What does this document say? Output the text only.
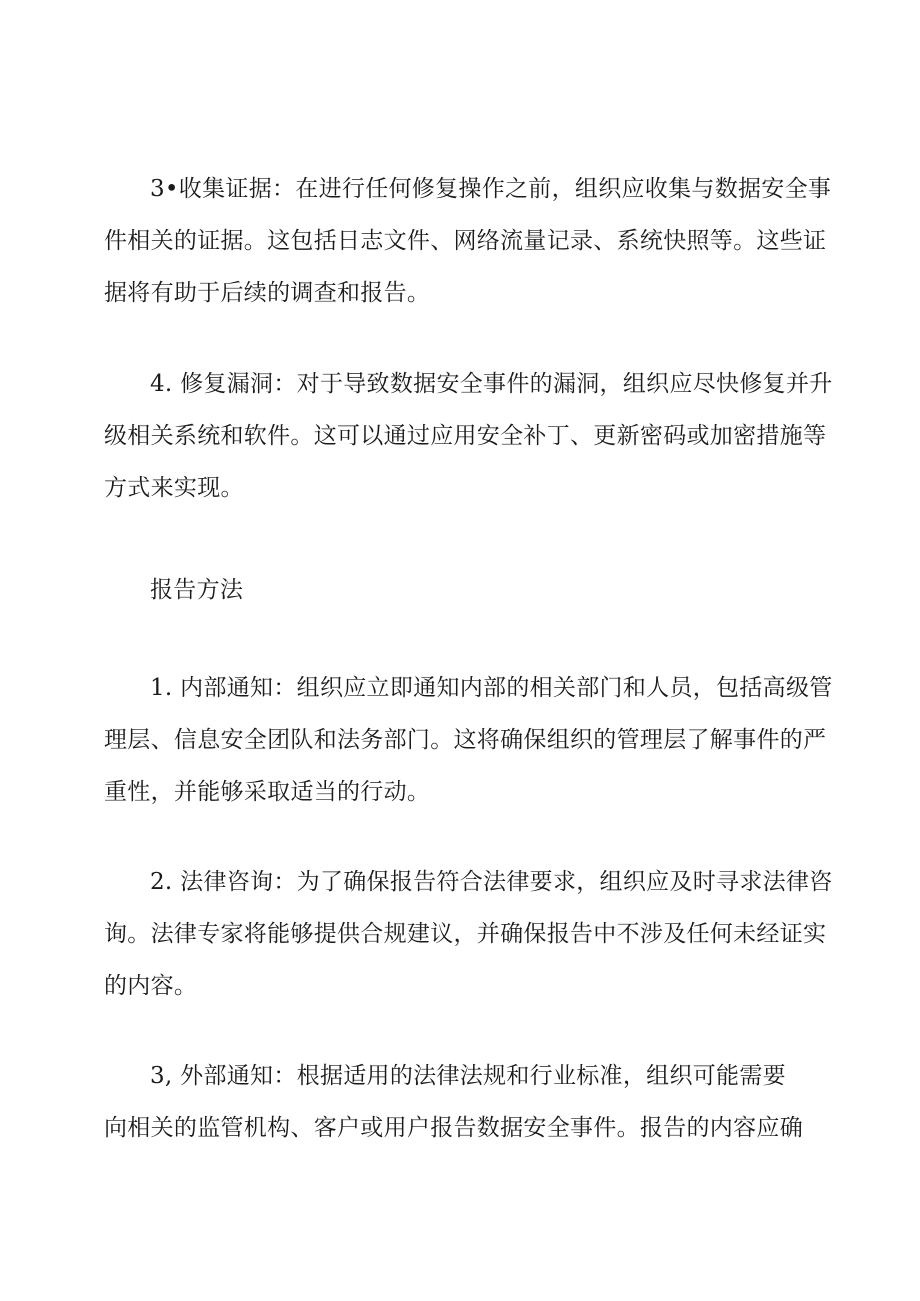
3•收集证据：在进行任何修复操作之前，组织应收集与数据安全事
件相关的证据。这包括日志文件、网络流量记录、系统快照等。这些证
据将有助于后续的调查和报告。

4. 修复漏洞：对于导致数据安全事件的漏洞，组织应尽快修复并升
级相关系统和软件。这可以通过应用安全补丁、更新密码或加密措施等
方式来实现。

报告方法

1. 内部通知：组织应立即通知内部的相关部门和人员，包括高级管
理层、信息安全团队和法务部门。这将确保组织的管理层了解事件的严
重性，并能够采取适当的行动。

2. 法律咨询：为了确保报告符合法律要求，组织应及时寻求法律咨
询。法律专家将能够提供合规建议，并确保报告中不涉及任何未经证实
的内容。

3, 外部通知：根据适用的法律法规和行业标准，组织可能需要
向相关的监管机构、客户或用户报告数据安全事件。报告的内容应确
